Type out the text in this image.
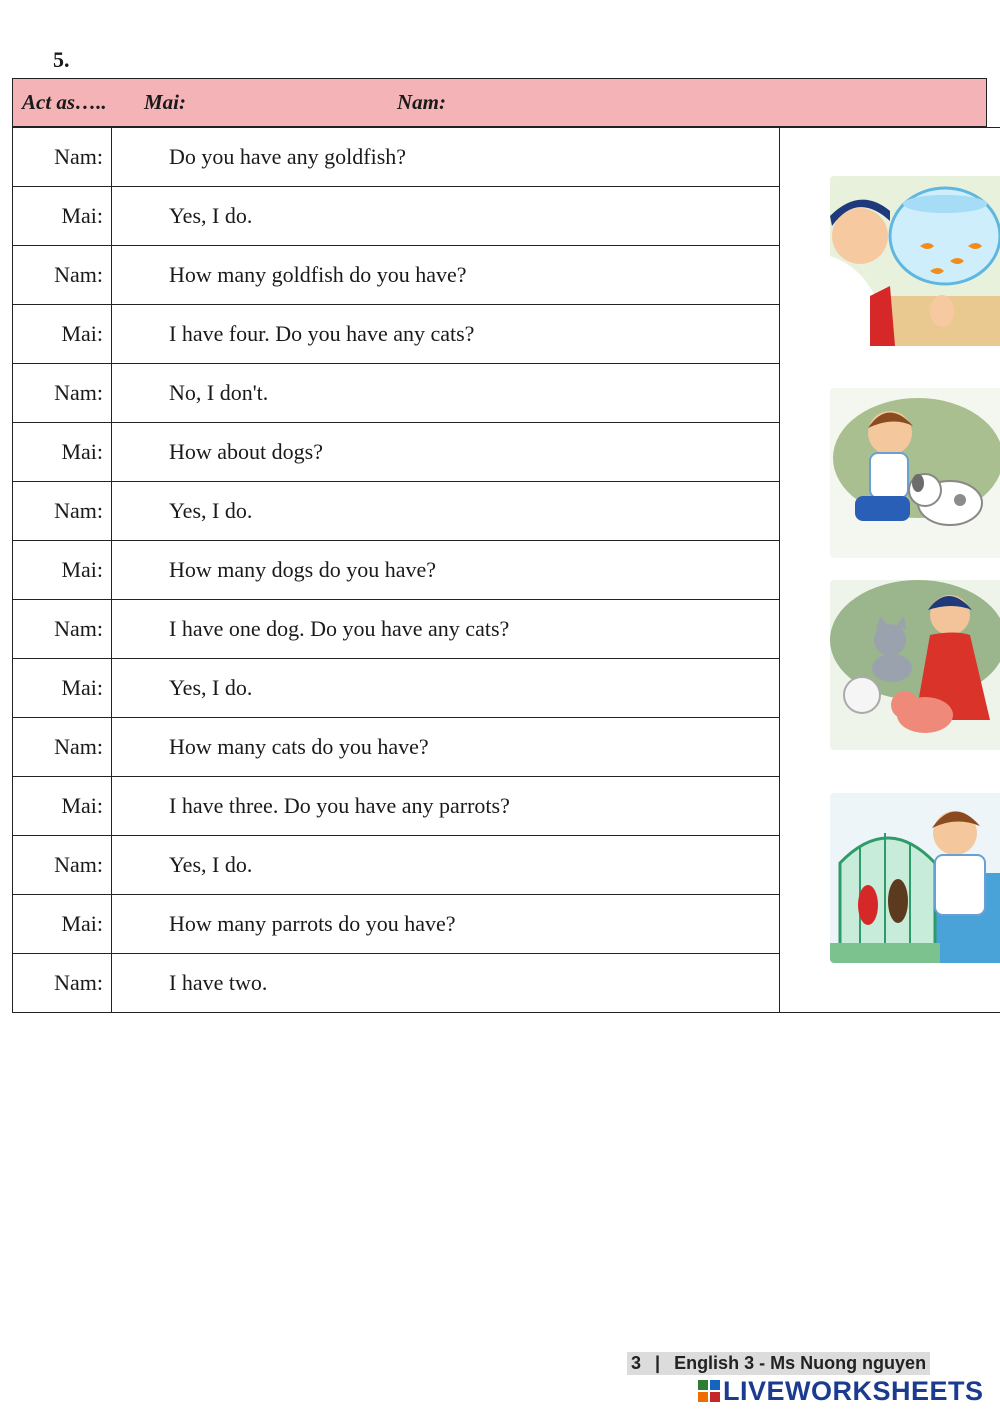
5.
Act as….. Mai:	Nam:
Nam:	Do you have any goldfish?	

Mai:	Yes, I do.	
Nam:	How many goldfish do you have?	
Mai:	I have four. Do you have any cats?	
Nam:	No, I don't.	
Mai:	How about dogs?	
Nam:	Yes, I do.	
Mai:	How many dogs do you have?	
Nam:	I have one dog. Do you have any cats?	
Mai:	Yes, I do.	
Nam:	How many cats do you have?	
Mai:	I have three. Do you have any parrots?	
Nam:	Yes, I do.	
Mai:	How many parrots do you have?	
Nam:	I have two.	
3 | English 3 - Ms Nuong nguyen
LIVEWORKSHEETS
